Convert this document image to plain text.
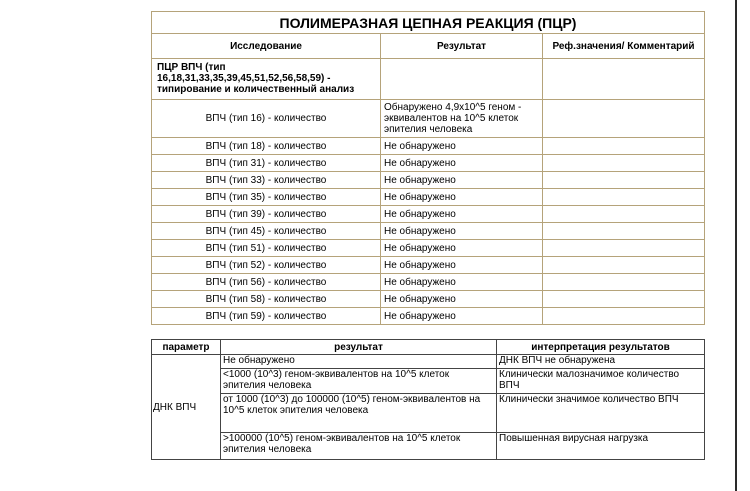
ПОЛИМЕРАЗНАЯ ЦЕПНАЯ РЕАКЦИЯ (ПЦР)		
Исследование	Результат	Реф.значения/ Комментарий
ПЦР ВПЧ (тип 16,18,31,33,35,39,45,51,52,56,58,59) - типирование и количественный анализ		
ВПЧ (тип 16) - количество	Обнаружено 4,9х10^5 геном - эквивалентов на 10^5 клеток эпителия человека	
ВПЧ (тип 18) - количество	Не обнаружено	
ВПЧ (тип 31) - количество	Не обнаружено	
ВПЧ (тип 33) - количество	Не обнаружено	
ВПЧ (тип 35) - количество	Не обнаружено	
ВПЧ (тип 39) - количество	Не обнаружено	
ВПЧ (тип 45) - количество	Не обнаружено	
ВПЧ (тип 51) - количество	Не обнаружено	
ВПЧ (тип 52) - количество	Не обнаружено	
ВПЧ (тип 56) - количество	Не обнаружено	
ВПЧ (тип 58) - количество	Не обнаружено	
ВПЧ (тип 59) - количество	Не обнаружено	
параметр	результат	интерпретация результатов
ДНК ВПЧ	Не обнаружено	ДНК ВПЧ не обнаружена
	<1000 (10^3) геном-эквивалентов на 10^5 клеток эпителия человека	Клинически малозначимое количество ВПЧ
	от 1000 (10^3) до 100000 (10^5) геном-эквивалентов на 10^5 клеток эпителия человека	Клинически значимое количество ВПЧ
	>100000 (10^5) геном-эквивалентов на 10^5 клеток эпителия человека	Повышенная вирусная нагрузка
